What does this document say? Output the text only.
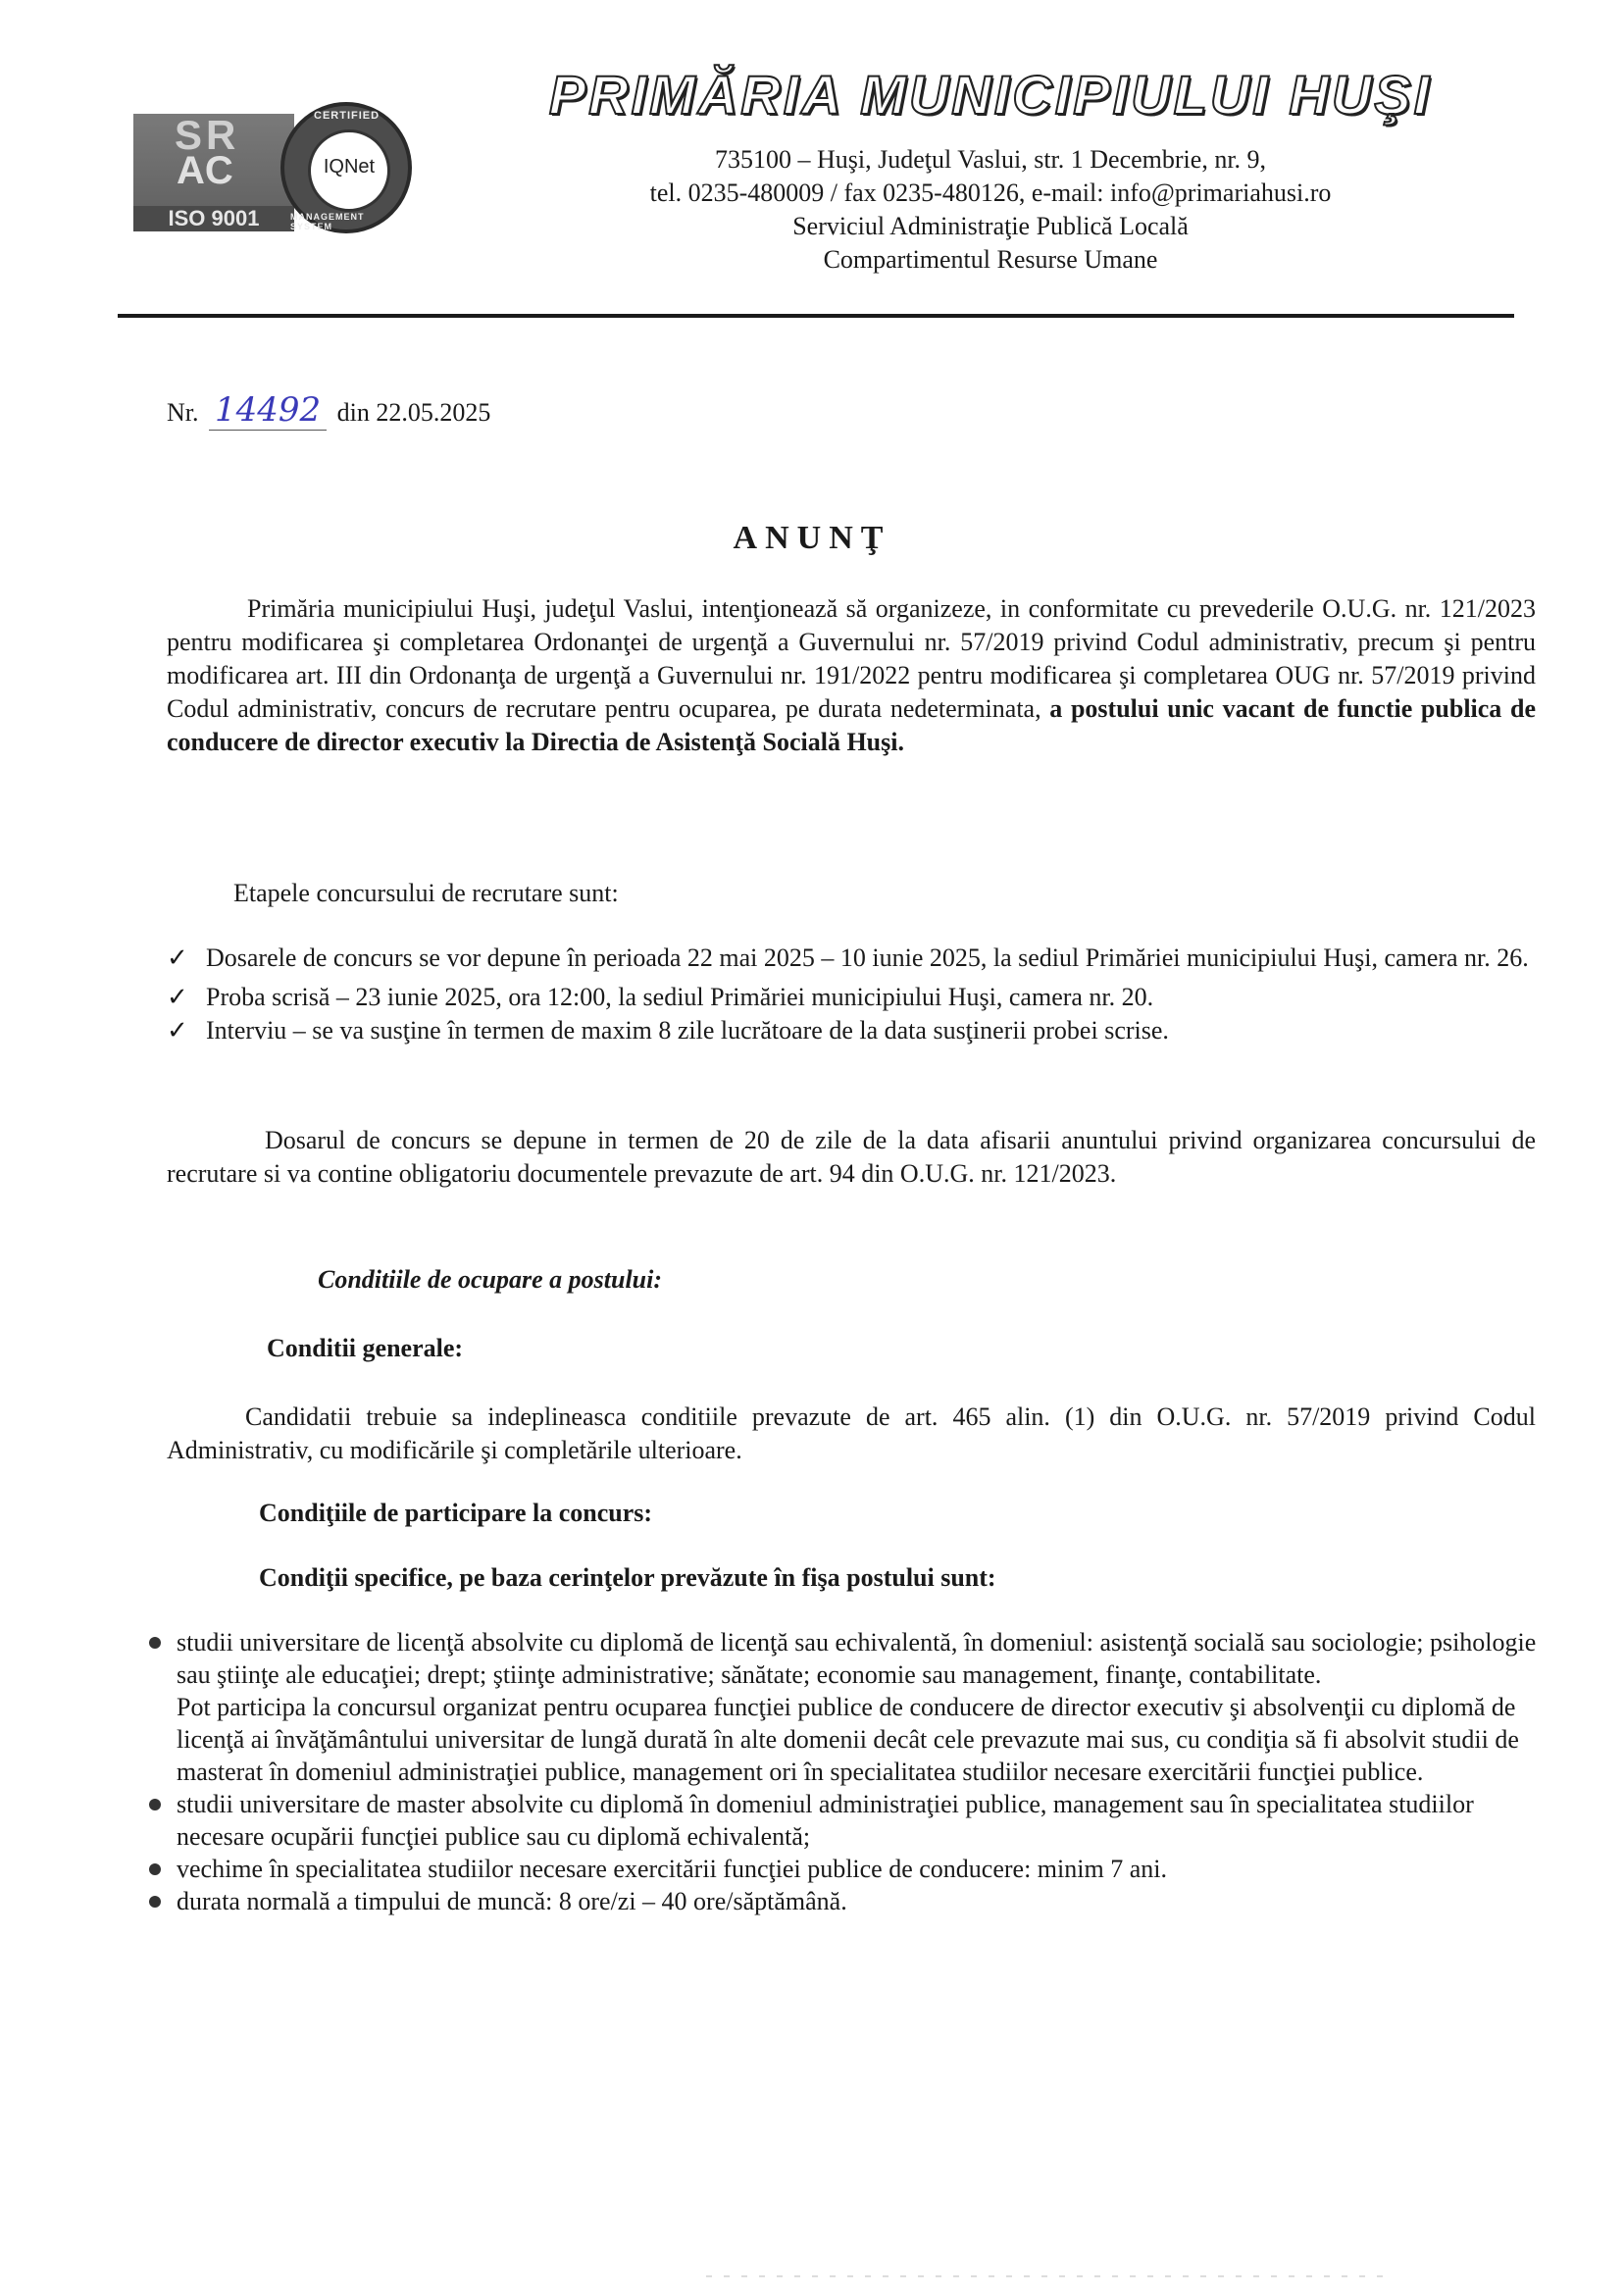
SR
AC
ISO 9001
CERTIFIED
IQNet
MANAGEMENT SYSTEM
PRIMĂRIA MUNICIPIULUI HUŞI
735100 – Huşi, Judeţul Vaslui, str. 1 Decembrie, nr. 9,
tel. 0235-480009 / fax 0235-480126, e-mail: info@primariahusi.ro
Serviciul Administraţie Publică Locală
Compartimentul Resurse Umane
Nr. 14492 din 22.05.2025
ANUNŢ
Primăria municipiului Huşi, judeţul Vaslui, intenţionează să organizeze, in conformitate cu prevederile O.U.G. nr. 121/2023 pentru modificarea şi completarea Ordonanţei de urgenţă a Guvernului nr. 57/2019 privind Codul administrativ, precum şi pentru modificarea art. III din Ordonanţa de urgenţă a Guvernului nr. 191/2022 pentru modificarea şi completarea OUG nr. 57/2019 privind Codul administrativ, concurs de recrutare pentru ocuparea, pe durata nedeterminata, a postului unic vacant de functie publica de conducere de director executiv la Directia de Asistenţă Socială Huşi.
Etapele concursului de recrutare sunt:
✓ Dosarele de concurs se vor depune în perioada 22 mai 2025 – 10 iunie 2025, la sediul Primăriei municipiului Huşi, camera nr. 26.
✓ Proba scrisă – 23 iunie 2025, ora 12:00, la sediul Primăriei municipiului Huşi, camera nr. 20.
✓ Interviu – se va susţine în termen de maxim 8 zile lucrătoare de la data susţinerii probei scrise.
Dosarul de concurs se depune in termen de 20 de zile de la data afisarii anuntului privind organizarea concursului de recrutare si va contine obligatoriu documentele prevazute de art. 94 din O.U.G. nr. 121/2023.
Conditiile de ocupare a postului:
Conditii generale:
Candidatii trebuie sa indeplineasca conditiile prevazute de art. 465 alin. (1) din O.U.G. nr. 57/2019 privind Codul Administrativ, cu modificările şi completările ulterioare.
Condiţiile de participare la concurs:
Condiţii specifice, pe baza cerinţelor prevăzute în fişa postului sunt:
studii universitare de licenţă absolvite cu diplomă de licenţă sau echivalentă, în domeniul: asistenţă socială sau sociologie; psihologie sau ştiinţe ale educaţiei; drept; ştiinţe administrative; sănătate; economie sau management, finanţe, contabilitate.
Pot participa la concursul organizat pentru ocuparea funcţiei publice de conducere de director executiv şi absolvenţii cu diplomă de licenţă ai învăţământului universitar de lungă durată în alte domenii decât cele prevazute mai sus, cu condiţia să fi absolvit studii de masterat în domeniul administraţiei publice, management ori în specialitatea studiilor necesare exercitării funcţiei publice.
studii universitare de master absolvite cu diplomă în domeniul administraţiei publice, management sau în specialitatea studiilor necesare ocupării funcţiei publice sau cu diplomă echivalentă;
vechime în specialitatea studiilor necesare exercitării funcţiei publice de conducere: minim 7 ani.
durata normală a timpului de muncă: 8 ore/zi – 40 ore/săptămână.
